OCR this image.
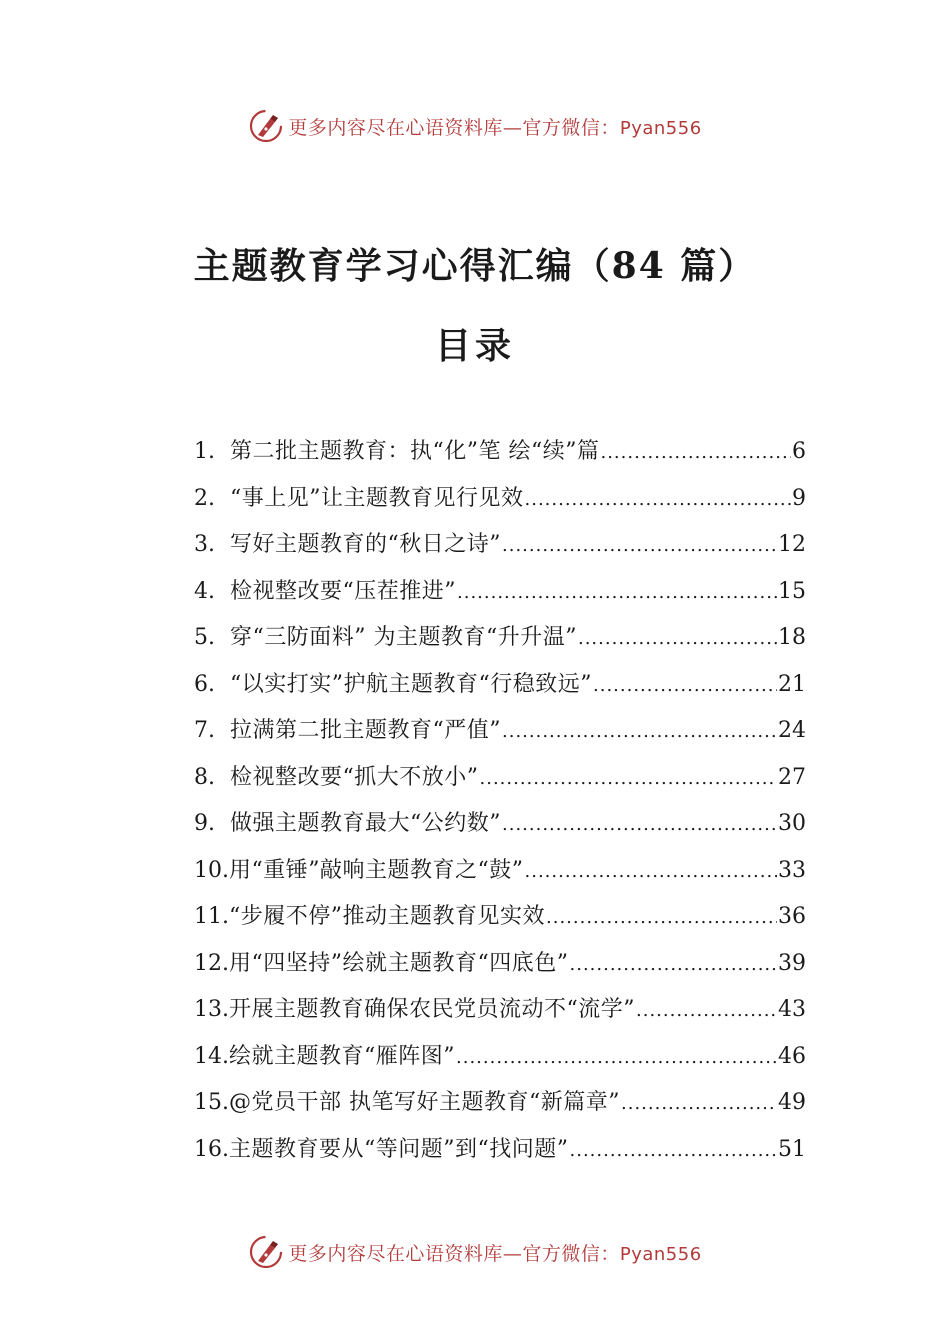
更多内容尽在心语资料库—官方微信：Pyan556
主题教育学习心得汇编（84 篇）
目录
1. 第二批主题教育：执“化”笔 绘“续”篇 .....	6
2. “事上见”让主题教育见行见效 .....	9
3. 写好主题教育的“秋日之诗” .....	12
4. 检视整改要“压茬推进” .....	15
5. 穿“三防面料” 为主题教育“升升温” .....	18
6. “以实打实”护航主题教育“行稳致远” .....	21
7. 拉满第二批主题教育“严值” .....	24
8. 检视整改要“抓大不放小” .....	27
9. 做强主题教育最大“公约数” .....	30
10. 用“重锤”敲响主题教育之“鼓” .....	33
11. “步履不停”推动主题教育见实效 .....	36
12. 用“四坚持”绘就主题教育“四底色” .....	39
13. 开展主题教育确保农民党员流动不“流学” .....	43
14. 绘就主题教育“雁阵图” .....	46
15. @党员干部 执笔写好主题教育“新篇章” .....	49
16. 主题教育要从“等问题”到“找问题” .....	51
更多内容尽在心语资料库—官方微信：Pyan556
